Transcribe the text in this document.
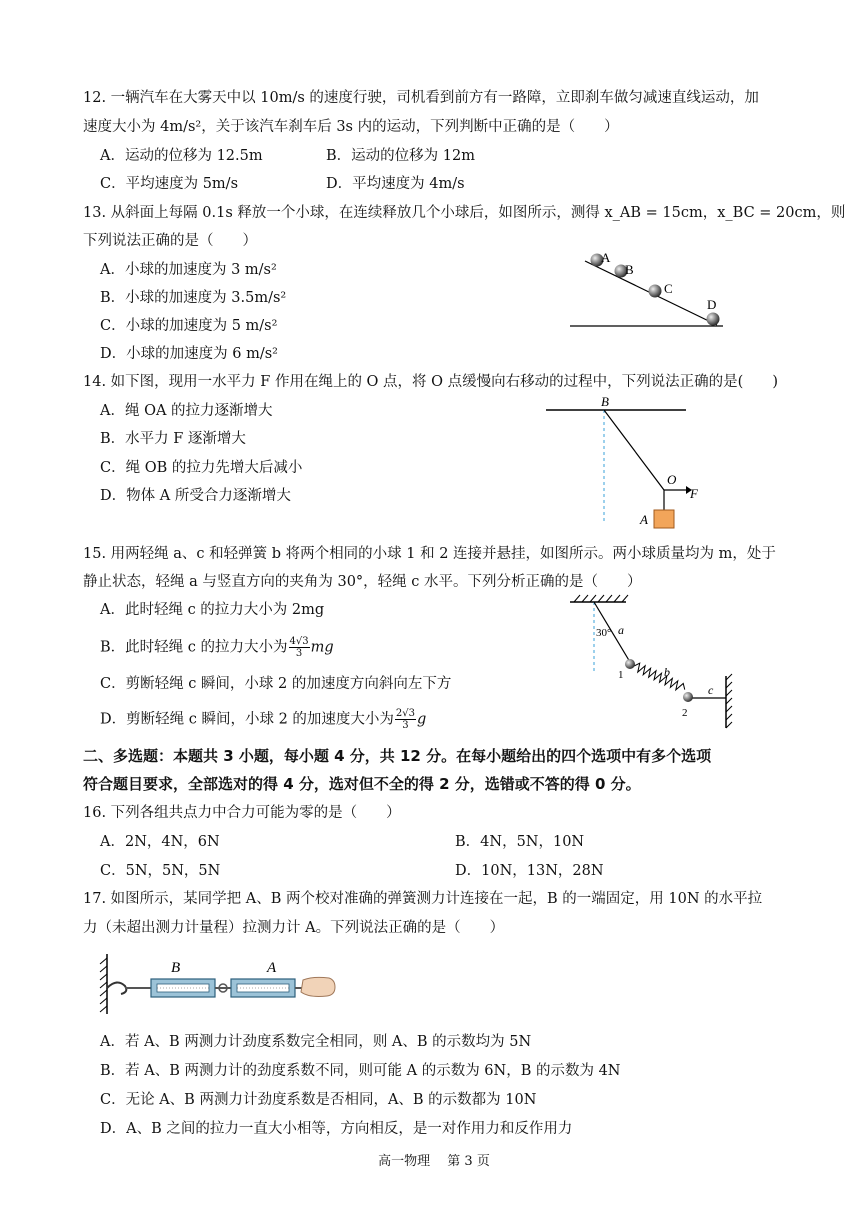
12. 一辆汽车在大雾天中以 10m/s 的速度行驶，司机看到前方有一路障，立即刹车做匀减速直线运动，加
速度大小为 4m/s²，关于该汽车刹车后 3s 内的运动，下列判断中正确的是（　　）
A．运动的位移为 12.5m	B．运动的位移为 12m
C．平均速度为 5m/s	D．平均速度为 4m/s
13. 从斜面上每隔 0.1s 释放一个小球，在连续释放几个小球后，如图所示，测得 x_AB = 15cm，x_BC = 20cm，则
下列说法正确的是（　　）
A．小球的加速度为 3 m/s²
B．小球的加速度为 3.5m/s²
C．小球的加速度为 5 m/s²
D．小球的加速度为 6 m/s²
A
B
C
D
14. 如下图，现用一水平力 F 作用在绳上的 O 点，将 O 点缓慢向右移动的过程中，下列说法正确的是(　　)
A．绳 OA 的拉力逐渐增大
B．水平力 F 逐渐增大
C．绳 OB 的拉力先增大后减小
D．物体 A 所受合力逐渐增大
B
O
F
A
15. 用两轻绳 a、c 和轻弹簧 b 将两个相同的小球 1 和 2 连接并悬挂，如图所示。两小球质量均为 m，处于
静止状态，轻绳 a 与竖直方向的夹角为 30°，轻绳 c 水平。下列分析正确的是（　　）
A．此时轻绳 c 的拉力大小为 2mg
B．此时轻绳 c 的拉力大小为 $\frac{4√3}{3}$ mg
C．剪断轻绳 c 瞬间，小球 2 的加速度方向斜向左下方
D．剪断轻绳 c 瞬间，小球 2 的加速度大小为 $\frac{2√3}{3}$ g
30° a
b
c
1
2
二、多选题：本题共 3 小题，每小题 4 分，共 12 分。在每小题给出的四个选项中有多个选项
符合题目要求，全部选对的得 4 分，选对但不全的得 2 分，选错或不答的得 0 分。
16. 下列各组共点力中合力可能为零的是（　　）
A．2N，4N，6N	B．4N，5N，10N
C．5N，5N，5N	D．10N，13N，28N
17. 如图所示，某同学把 A、B 两个校对准确的弹簧测力计连接在一起，B 的一端固定，用 10N 的水平拉
力（未超出测力计量程）拉测力计 A。下列说法正确的是（　　）
B	A
A．若 A、B 两测力计劲度系数完全相同，则 A、B 的示数均为 5N
B．若 A、B 两测力计的劲度系数不同，则可能 A 的示数为 6N，B 的示数为 4N
C．无论 A、B 两测力计劲度系数是否相同，A、B 的示数都为 10N
D．A、B 之间的拉力一直大小相等，方向相反，是一对作用力和反作用力
高一物理　 第 3 页
